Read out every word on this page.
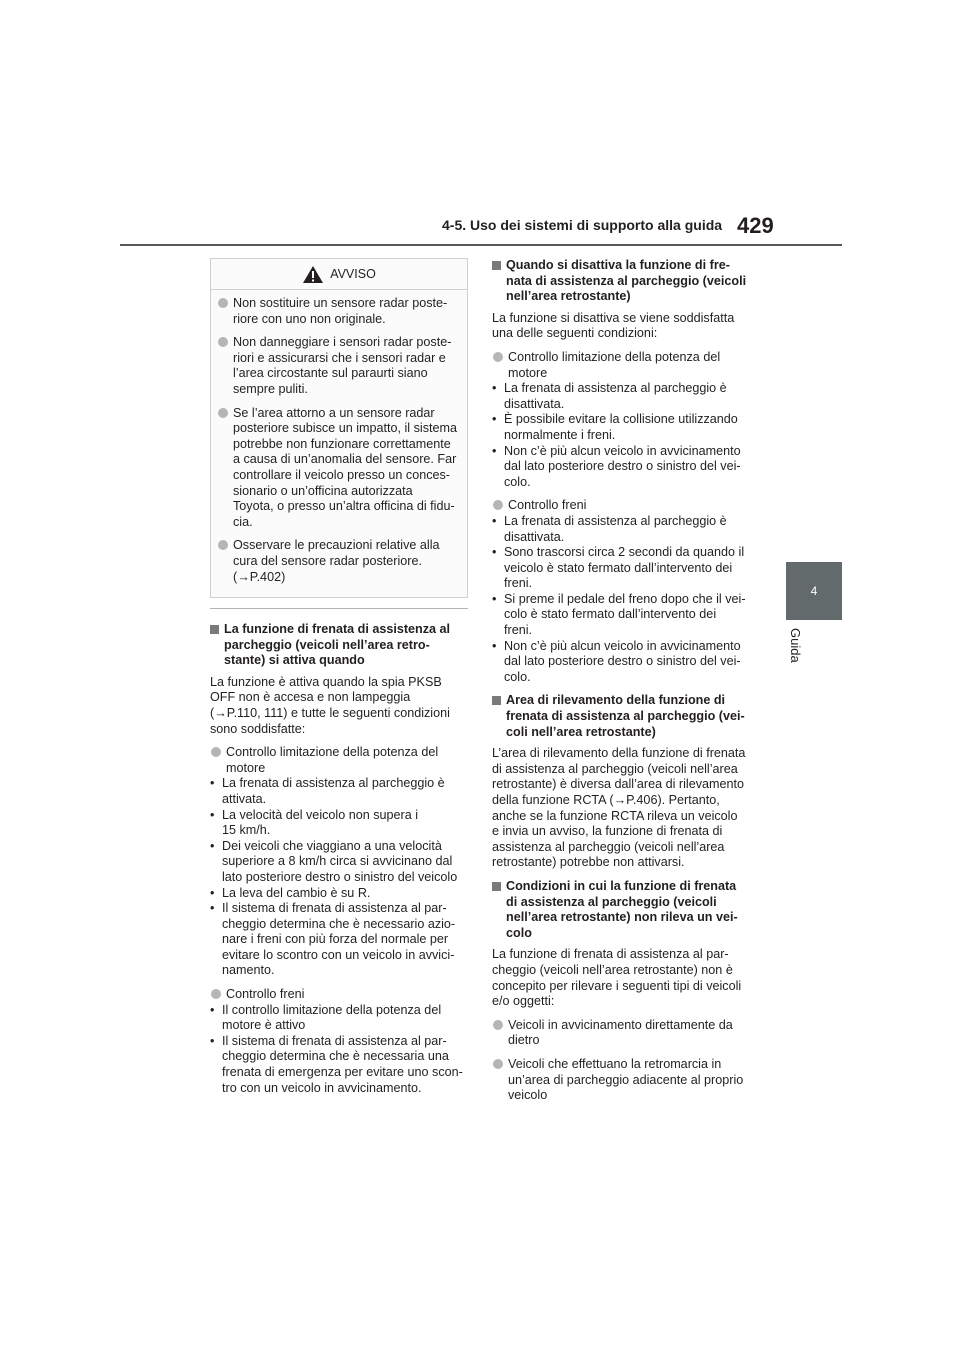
4-5. Uso dei sistemi di supporto alla guida 429
4
Guida
AVVISO
Non sostituire un sensore radar poste-
riore con uno non originale.
Non danneggiare i sensori radar poste-
riori e assicurarsi che i sensori radar e
l’area circostante sul paraurti siano
sempre puliti.
Se l’area attorno a un sensore radar
posteriore subisce un impatto, il sistema
potrebbe non funzionare correttamente
a causa di un’anomalia del sensore. Far
controllare il veicolo presso un conces-
sionario o un’officina autorizzata
Toyota, o presso un’altra officina di fidu-
cia.
Osservare le precauzioni relative alla
cura del sensore radar posteriore.
(→P.402)
La funzione di frenata di assistenza al
parcheggio (veicoli nell’area retro-
stante) si attiva quando
La funzione è attiva quando la spia PKSB
OFF non è accesa e non lampeggia
(→P.110, 111) e tutte le seguenti condizioni
sono soddisfatte:
Controllo limitazione della potenza del
motore
• La frenata di assistenza al parcheggio è
attivata.
• La velocità del veicolo non supera i
15 km/h.
• Dei veicoli che viaggiano a una velocità
superiore a 8 km/h circa si avvicinano dal
lato posteriore destro o sinistro del veicolo
• La leva del cambio è su R.
• Il sistema di frenata di assistenza al par-
cheggio determina che è necessario azio-
nare i freni con più forza del normale per
evitare lo scontro con un veicolo in avvici-
namento.
Controllo freni
• Il controllo limitazione della potenza del
motore è attivo
• Il sistema di frenata di assistenza al par-
cheggio determina che è necessaria una
frenata di emergenza per evitare uno scon-
tro con un veicolo in avvicinamento.
Quando si disattiva la funzione di fre-
nata di assistenza al parcheggio (veicoli
nell’area retrostante)
La funzione si disattiva se viene soddisfatta
una delle seguenti condizioni:
Controllo limitazione della potenza del
motore
• La frenata di assistenza al parcheggio è
disattivata.
• È possibile evitare la collisione utilizzando
normalmente i freni.
• Non c’è più alcun veicolo in avvicinamento
dal lato posteriore destro o sinistro del vei-
colo.
Controllo freni
• La frenata di assistenza al parcheggio è
disattivata.
• Sono trascorsi circa 2 secondi da quando il
veicolo è stato fermato dall’intervento dei
freni.
• Si preme il pedale del freno dopo che il vei-
colo è stato fermato dall’intervento dei
freni.
• Non c’è più alcun veicolo in avvicinamento
dal lato posteriore destro o sinistro del vei-
colo.
Area di rilevamento della funzione di
frenata di assistenza al parcheggio (vei-
coli nell’area retrostante)
L’area di rilevamento della funzione di frenata
di assistenza al parcheggio (veicoli nell’area
retrostante) è diversa dall’area di rilevamento
della funzione RCTA (→P.406). Pertanto,
anche se la funzione RCTA rileva un veicolo
e invia un avviso, la funzione di frenata di
assistenza al parcheggio (veicoli nell’area
retrostante) potrebbe non attivarsi.
Condizioni in cui la funzione di frenata
di assistenza al parcheggio (veicoli
nell’area retrostante) non rileva un vei-
colo
La funzione di frenata di assistenza al par-
cheggio (veicoli nell’area retrostante) non è
concepito per rilevare i seguenti tipi di veicoli
e/o oggetti:
Veicoli in avvicinamento direttamente da
dietro
Veicoli che effettuano la retromarcia in
un’area di parcheggio adiacente al proprio
veicolo
